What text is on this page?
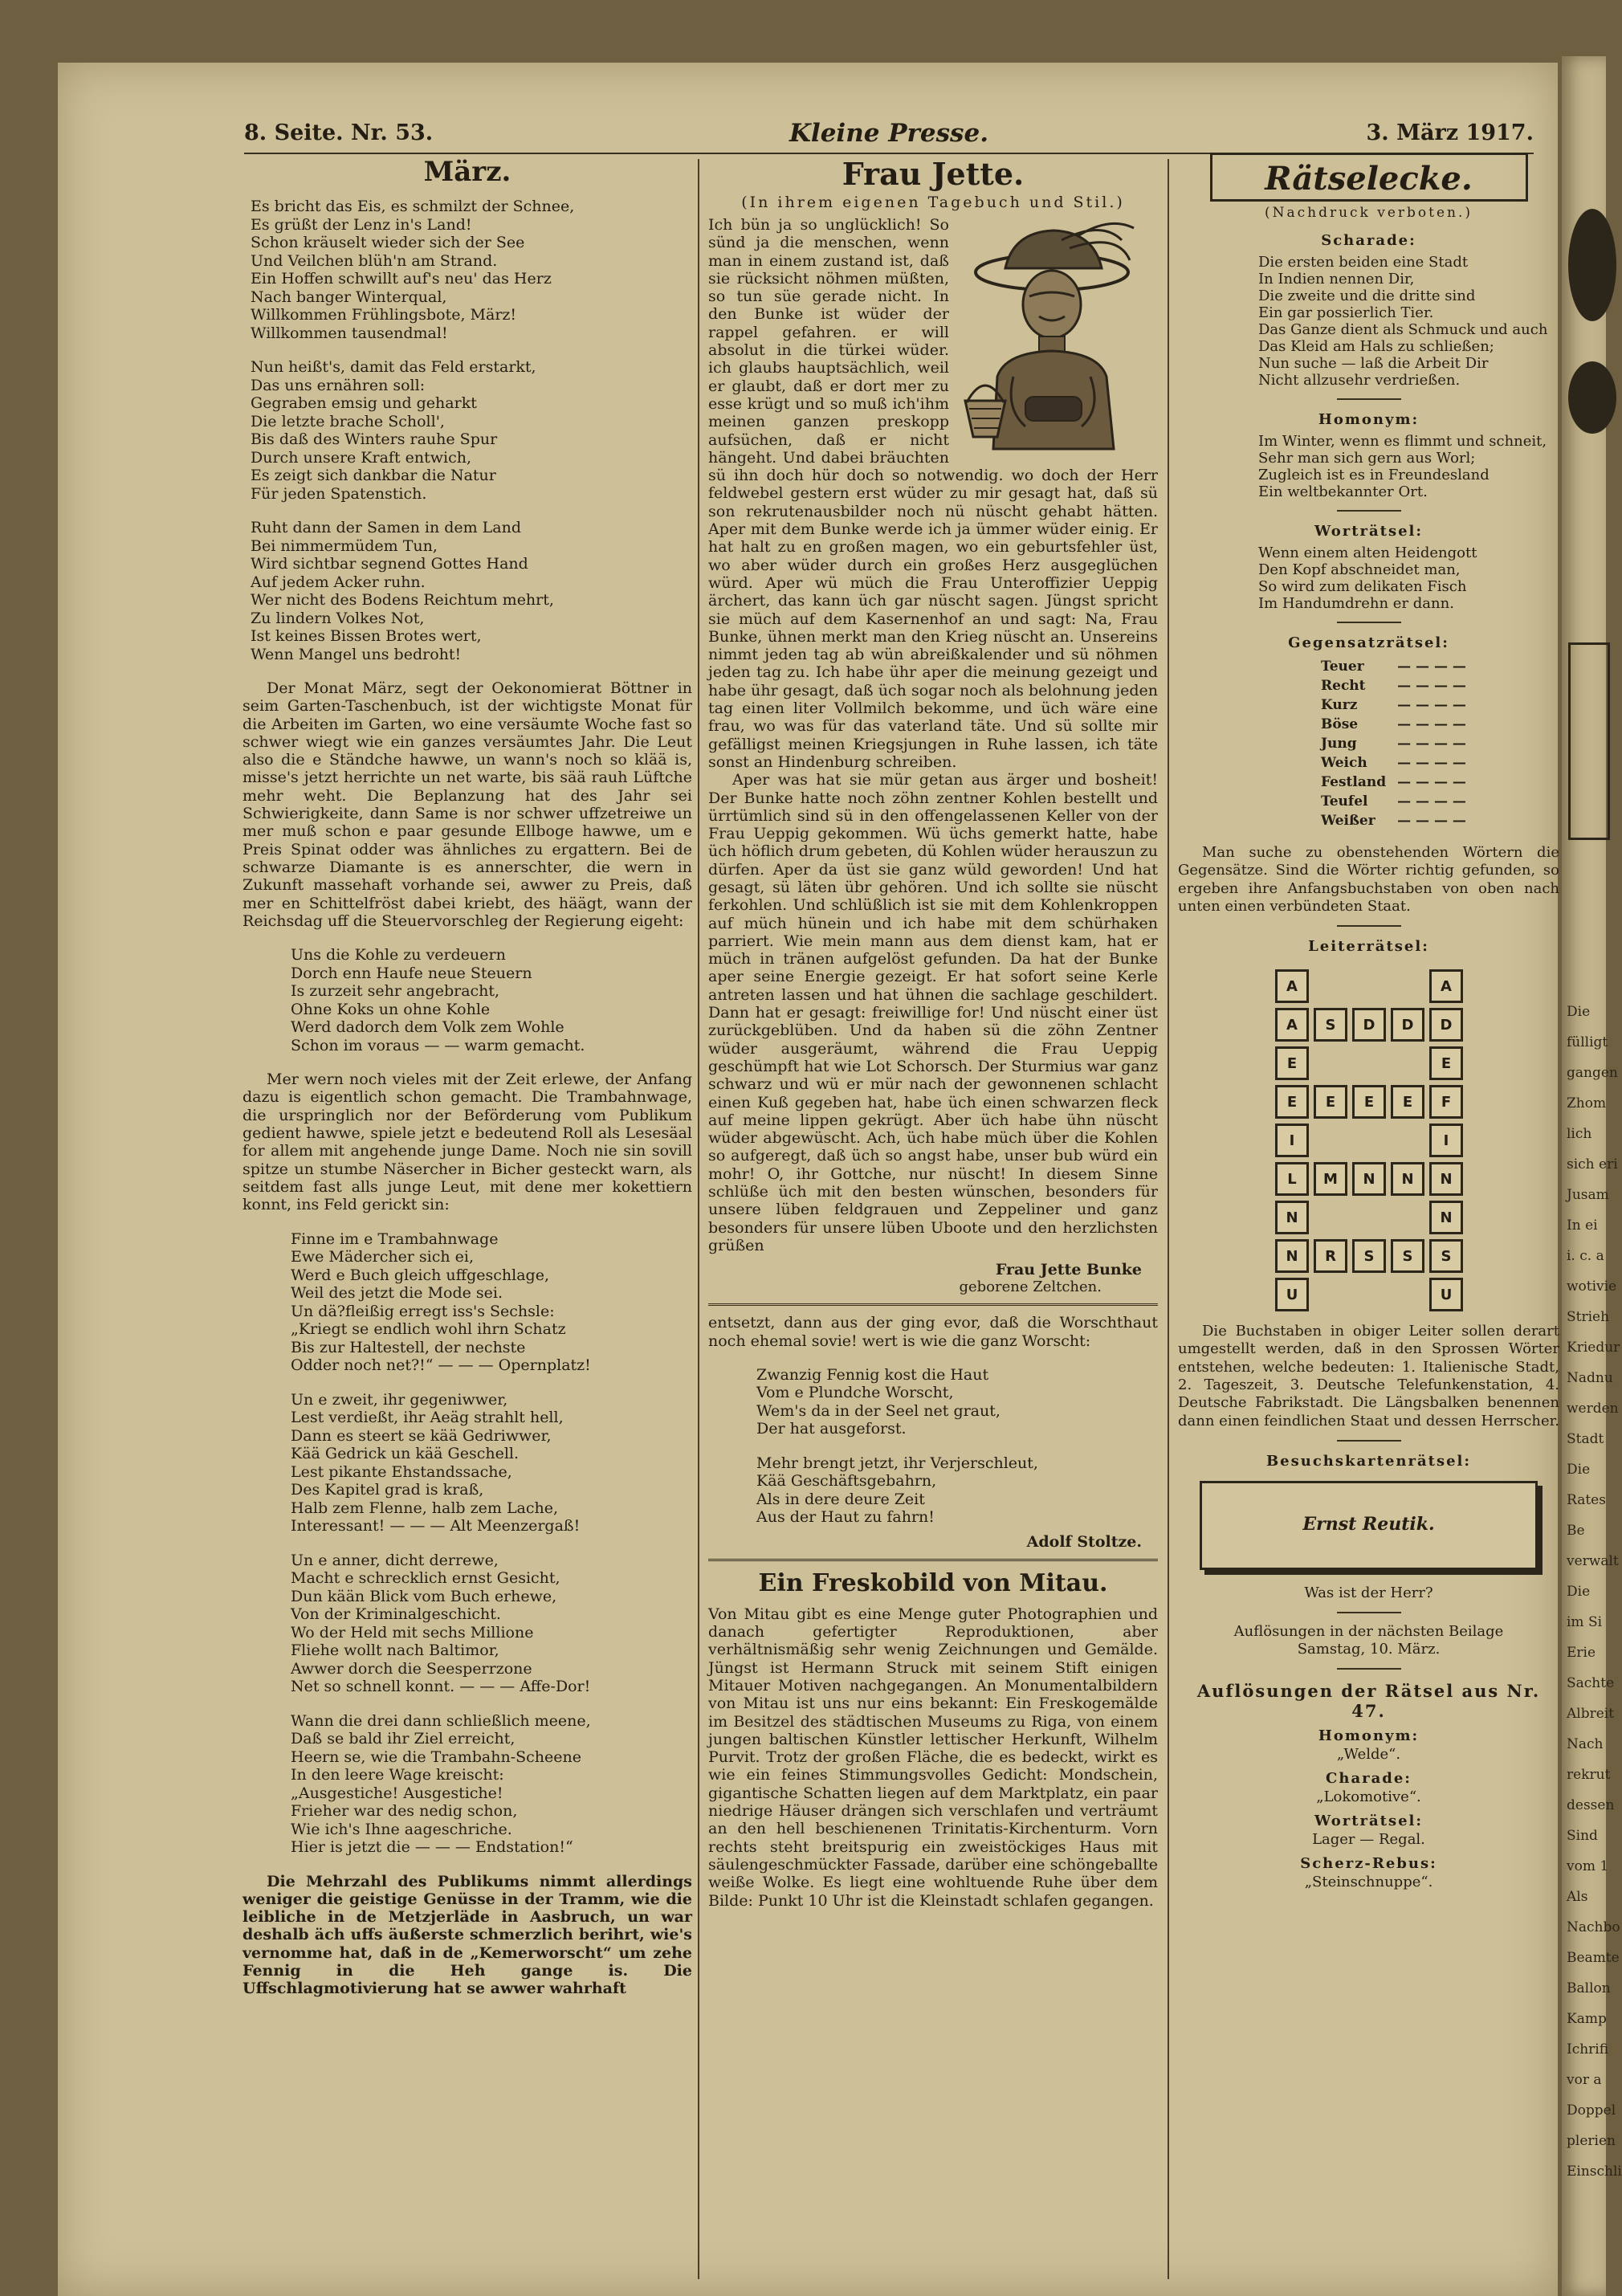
8. Seite. Nr. 53.	Kleine Presse.	3. März 1917.
März.
Es bricht das Eis, es schmilzt der Schnee,
Es grüßt der Lenz in's Land!
Schon kräuselt wieder sich der See
Und Veilchen blüh'n am Strand.
Ein Hoffen schwillt auf's neu' das Herz
Nach banger Winterqual,
Willkommen Frühlingsbote, März!
Willkommen tausendmal!
Nun heißt's, damit das Feld erstarkt,
Das uns ernähren soll:
Gegraben emsig und geharkt
Die letzte brache Scholl',
Bis daß des Winters rauhe Spur
Durch unsere Kraft entwich,
Es zeigt sich dankbar die Natur
Für jeden Spatenstich.
Ruht dann der Samen in dem Land
Bei nimmermüdem Tun,
Wird sichtbar segnend Gottes Hand
Auf jedem Acker ruhn.
Wer nicht des Bodens Reichtum mehrt,
Zu lindern Volkes Not,
Ist keines Bissen Brotes wert,
Wenn Mangel uns bedroht!

Der Monat März, segt der Oekonomierat Böttner in seim Garten-Taschenbuch, ist der wichtigste Monat für die Arbeiten im Garten, wo eine versäumte Woche fast so schwer wiegt wie ein ganzes versäumtes Jahr. Die Leut also die e Ständche hawwe, un wann's noch so klää is, misse's jetzt herrichte un net warte, bis sää rauh Lüftche mehr weht. Die Beplanzung hat des Jahr sei Schwierigkeite, dann Same is nor schwer uffzetreiwe un mer muß schon e paar gesunde Ellboge hawwe, um e Preis Spinat odder was ähnliches zu ergattern. Bei de schwarze Diamante is es annerschter, die wern in Zukunft massehaft vorhande sei, awwer zu Preis, daß mer en Schittelfröst dabei kriebt, des häägt, wann der Reichsdag uff die Steuervorschleg der Regierung eigeht:

Uns die Kohle zu verdeuern
Dorch enn Haufe neue Steuern
Is zurzeit sehr angebracht,
Ohne Koks un ohne Kohle
Werd dadorch dem Volk zem Wohle
Schon im voraus — — warm gemacht.

Mer wern noch vieles mit der Zeit erlewe, der Anfang dazu is eigentlich schon gemacht. Die Trambahnwage, die urspringlich nor der Beförderung vom Publikum gedient hawwe, spiele jetzt e bedeutend Roll als Lesesäal for allem mit angehende junge Dame. Noch nie sin sovill spitze un stumbe Näsercher in Bicher gesteckt warn, als seitdem fast alls junge Leut, mit dene mer kokettiern konnt, ins Feld gerickt sin:

Finne im e Trambahnwage
Ewe Mädercher sich ei,
Werd e Buch gleich uffgeschlage,
Weil des jetzt die Mode sei.
Un dä?fleißig erregt iss's Sechsle:
„Kriegt se endlich wohl ihrn Schatz
Bis zur Haltestell, der nechste
Odder noch net?!“ — — — Opernplatz!
Un e zweit, ihr gegeniwwer,
Lest verdießt, ihr Aeäg strahlt hell,
Dann es steert se kää Gedriwwer,
Kää Gedrick un kää Geschell.
Lest pikante Ehstandssache,
Des Kapitel grad is kraß,
Halb zem Flenne, halb zem Lache,
Interessant! — — — Alt Meenzergaß!
Un e anner, dicht derrewe,
Macht e schrecklich ernst Gesicht,
Dun kään Blick vom Buch erhewe,
Von der Kriminalgeschicht.
Wo der Held mit sechs Millione
Fliehe wollt nach Baltimor,
Awwer dorch die Seesperrzone
Net so schnell konnt. — — — Affe-Dor!
Wann die drei dann schließlich meene,
Daß se bald ihr Ziel erreicht,
Heern se, wie die Trambahn-Scheene
In den leere Wage kreischt:
„Ausgestiche! Ausgestiche!
Frieher war des nedig schon,
Wie ich's Ihne aageschriche.
Hier is jetzt die — — — Endstation!“

Die Mehrzahl des Publikums nimmt allerdings weniger die geistige Genüsse in der Tramm, wie die leibliche in de Metzjerläde in Aasbruch, un war deshalb äch uffs äußerste schmerzlich berihrt, wie's vernomme hat, daß in de „Kemerworscht“ um zehe Fennig in die Heh gange is. Die Uffschlagmotivierung hat se awwer wahrhaft

Frau Jette.
(In ihrem eigenen Tagebuch und Stil.)

Ich bün ja so unglücklich! So sünd ja die menschen, wenn man in einem zustand ist, daß sie rücksicht nöhmen müßten, so tun süe gerade nicht. In den Bunke ist wüder der rappel gefahren. er will absolut in die türkei wüder. ich glaubs hauptsächlich, weil er glaubt, daß er dort mer zu esse krügt und so muß ich'ihm meinen ganzen preskopp aufsüchen, daß er nicht hängeht. Und dabei bräuchten sü ihn doch hür doch so notwendig. wo doch der Herr feldwebel gestern erst wüder zu mir gesagt hat, daß sü son rekrutenausbilder noch nü nüscht gehabt hätten. Aper mit dem Bunke werde ich ja ümmer wüder einig. Er hat halt zu en großen magen, wo ein geburtsfehler üst, wo aber wüder durch ein großes Herz ausgeglüchen würd. Aper wü müch die Frau Unteroffizier Ueppig ärchert, das kann üch gar nüscht sagen. Jüngst spricht sie müch auf dem Kasernenhof an und sagt: Na, Frau Bunke, ühnen merkt man den Krieg nüscht an. Unsereins nimmt jeden tag ab wün abreißkalender und sü nöhmen jeden tag zu. Ich habe ühr aper die meinung gezeigt und habe ühr gesagt, daß üch sogar noch als belohnung jeden tag einen liter Vollmilch bekomme, und üch wäre eine frau, wo was für das vaterland täte. Und sü sollte mir gefälligst meinen Kriegsjungen in Ruhe lassen, ich täte sonst an Hindenburg schreiben.

Aper was hat sie mür getan aus ärger und bosheit! Der Bunke hatte noch zöhn zentner Kohlen bestellt und ürrtümlich sind sü in den offengelassenen Keller von der Frau Ueppig gekommen. Wü üchs gemerkt hatte, habe üch höflich drum gebeten, dü Kohlen wüder herauszun zu dürfen. Aper da üst sie ganz wüld geworden! Und hat gesagt, sü läten übr gehören. Und ich sollte sie nüscht ferkohlen. Und schlüßlich ist sie mit dem Kohlenkroppen auf müch hünein und ich habe mit dem schürhaken parriert. Wie mein mann aus dem dienst kam, hat er müch in tränen aufgelöst gefunden. Da hat der Bunke aper seine Energie gezeigt. Er hat sofort seine Kerle antreten lassen und hat ühnen die sachlage geschildert. Dann hat er gesagt: freiwillige for! Und nüscht einer üst zurückgeblüben. Und da haben sü die zöhn Zentner wüder ausgeräumt, während die Frau Ueppig geschümpft hat wie Lot Schorsch. Der Sturmius war ganz schwarz und wü er mür nach der gewonnenen schlacht einen Kuß gegeben hat, habe üch einen schwarzen fleck auf meine lippen gekrügt. Aber üch habe ühn nüscht wüder abgewüscht. Ach, üch habe müch über die Kohlen so aufgeregt, daß üch so angst habe, unser bub würd ein mohr! O, ihr Gottche, nur nüscht! In diesem Sinne schlüße üch mit den besten wünschen, besonders für unsere lüben feldgrauen und Zeppeliner und ganz besonders für unsere lüben Uboote und den herzlichsten grüßen

Frau Jette Bunke
geborene Zeltchen.

entsetzt, dann aus der ging evor, daß die Worschthaut noch ehemal sovie! wert is wie die ganz Worscht:

Zwanzig Fennig kost die Haut
Vom e Plundche Worscht,
Wem's da in der Seel net graut,
Der hat ausgeforst.
Mehr brengt jetzt, ihr Verjerschleut,
Kää Geschäftsgebahrn,
Als in dere deure Zeit
Aus der Haut zu fahrn!
Adolf Stoltze.
Ein Freskobild von Mitau.

Von Mitau gibt es eine Menge guter Photographien und danach gefertigter Reproduktionen, aber verhältnismäßig sehr wenig Zeichnungen und Gemälde. Jüngst ist Hermann Struck mit seinem Stift einigen Mitauer Motiven nachgegangen. An Monumentalbildern von Mitau ist uns nur eins bekannt: Ein Freskogemälde im Besitzel des städtischen Museums zu Riga, von einem jungen baltischen Künstler lettischer Herkunft, Wilhelm Purvit. Trotz der großen Fläche, die es bedeckt, wirkt es wie ein feines Stimmungsvolles Gedicht: Mondschein, gigantische Schatten liegen auf dem Marktplatz, ein paar niedrige Häuser drängen sich verschlafen und verträumt an den hell beschienenen Trinitatis-Kirchenturm. Vorn rechts steht breitspurig ein zweistöckiges Haus mit säulengeschmückter Fassade, darüber eine schöngeballte weiße Wolke. Es liegt eine wohltuende Ruhe über dem Bilde: Punkt 10 Uhr ist die Kleinstadt schlafen gegangen.

Rätselecke.
(Nachdruck verboten.)
Scharade:
Die ersten beiden eine Stadt
In Indien nennen Dir,
Die zweite und die dritte sind
Ein gar possierlich Tier.
Das Ganze dient als Schmuck und auch
Das Kleid am Hals zu schließen;
Nun suche — laß die Arbeit Dir
Nicht allzusehr verdrießen.
Homonym:
Im Winter, wenn es flimmt und schneit,
Sehr man sich gern aus Worl;
Zugleich ist es in Freundesland
Ein weltbekannter Ort.
Worträtsel:
Wenn einem alten Heidengott
Den Kopf abschneidet man,
So wird zum delikaten Fisch
Im Handumdrehn er dann.
Gegensatzrätsel:
Teuer	— — — —
Recht	— — — —
Kurz	— — — —
Böse	— — — —
Jung	— — — —
Weich	— — — —
Festland	— — — —
Teufel	— — — —
Weißer	— — — —

Man suche zu obenstehenden Wörtern die Gegensätze. Sind die Wörter richtig gefunden, so ergeben ihre Anfangsbuchstaben von oben nach unten einen verbündeten Staat.

Leiterrätsel:
A				A
A	S	D	D	D
E				E
E	E	E	E	F
I				I
L	M	N	N	N
N				N
N	R	S	S	S
U				U

Die Buchstaben in obiger Leiter sollen derart umgestellt werden, daß in den Sprossen Wörter entstehen, welche bedeuten: 1. Italienische Stadt, 2. Tageszeit, 3. Deutsche Telefunkenstation, 4. Deutsche Fabrikstadt. Die Längsbalken benennen dann einen feindlichen Staat und dessen Herrscher.

Besuchskartenrätsel:
Ernst Reutik.
Was ist der Herr?
Auflösungen in der nächsten Beilage
Samstag, 10. März.
Auflösungen der Rätsel aus Nr. 47.
Homonym:
„Welde“.
Charade:
„Lokomotive“.
Worträtsel:
Lager — Regal.
Scherz-Rebus:
„Steinschnuppe“.
Die
fülligt
gangen
Zhom
lich
sich eri
Jusam
In ei
i. c. a
wotivie
Strieh
Kriedur
Nadnu
werden
Stadt
Die
Rates
Be
verwalt
Die
im Si
Erie
Sachte
Albreit
Nach
rekrut
dessen
Sind
vom 1
Als
Nachbo
Beamte
Ballon
Kamp
Ichrifi
vor a
Doppel
plerien
Einschli
